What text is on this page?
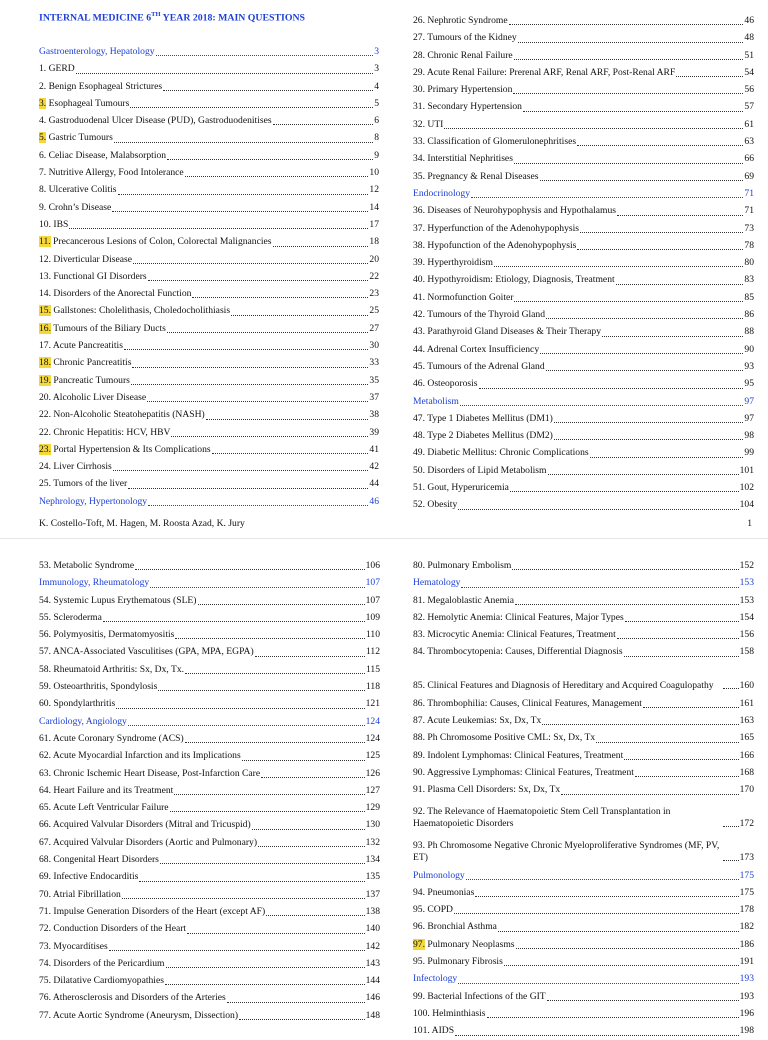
INTERNAL MEDICINE 6TH YEAR 2018: MAIN QUESTIONS
Gastroenterology, Hepatology	3
1. GERD	3
2. Benign Esophageal Strictures	4
3. Esophageal Tumours	5
4. Gastroduodenal Ulcer Disease (PUD), Gastroduodenitises	6
5. Gastric Tumours	8
6. Celiac Disease, Malabsorption	9
7. Nutritive Allergy, Food Intolerance	10
8. Ulcerative Colitis	12
9. Crohn’s Disease	14
10. IBS	17
11. Precancerous Lesions of Colon, Colorectal Malignancies	18
12. Diverticular Disease	20
13. Functional GI Disorders	22
14. Disorders of the Anorectal Function	23
15. Gallstones: Cholelithasis, Choledocholithiasis	25
16. Tumours of the Biliary Ducts	27
17. Acute Pancreatitis	30
18. Chronic Pancreatitis	33
19. Pancreatic Tumours	35
20. Alcoholic Liver Disease	37
22. Non-Alcoholic Steatohepatitis (NASH)	38
22. Chronic Hepatitis: HCV, HBV	39
23. Portal Hypertension & Its Complications	41
24. Liver Cirrhosis	42
25. Tumors of the liver	44
Nephrology, Hypertonology	46
26. Nephrotic Syndrome	46
27. Tumours of the Kidney	48
28. Chronic Renal Failure	51
29. Acute Renal Failure: Prerenal ARF, Renal ARF, Post-Renal ARF	54
30. Primary Hypertension	56
31. Secondary Hypertension	57
32. UTI	61
33. Classification of Glomerulonephritises	63
34. Interstitial Nephritises	66
35. Pregnancy & Renal Diseases	69
Endocrinology	71
36. Diseases of Neurohypophysis and Hypothalamus	71
37. Hyperfunction of the Adenohypophysis	73
38. Hypofunction of the Adenohypophysis	78
39. Hyperthyroidism	80
40. Hypothyroidism: Etiology, Diagnosis, Treatment	83
41. Normofunction Goiter	85
42. Tumours of the Thyroid Gland	86
43. Parathyroid Gland Diseases & Their Therapy	88
44. Adrenal Cortex Insufficiency	90
45. Tumours of the Adrenal Gland	93
46. Osteoporosis	95
Metabolism	97
47. Type 1 Diabetes Mellitus (DM1)	97
48. Type 2 Diabetes Mellitus (DM2)	98
49. Diabetic Mellitus: Chronic Complications	99
50. Disorders of Lipid Metabolism	101
51. Gout, Hyperuricemia	102
52. Obesity	104
K. Costello-Toft, M. Hagen, M. Roosta Azad, K. Jury	1
53. Metabolic Syndrome	106
Immunology, Rheumatology	107
54. Systemic Lupus Erythematous (SLE)	107
55. Scleroderma	109
56. Polymyositis, Dermatomyositis	110
57. ANCA-Associated Vasculitises (GPA, MPA, EGPA)	112
58. Rheumatoid Arthritis: Sx, Dx, Tx.	115
59. Osteoarthritis, Spondylosis	118
60. Spondylarthritis	121
Cardiology, Angiology	124
61. Acute Coronary Syndrome (ACS)	124
62. Acute Myocardial Infarction and its Implications	125
63. Chronic Ischemic Heart Disease, Post-Infarction Care	126
64. Heart Failure and its Treatment	127
65. Acute Left Ventricular Failure	129
66. Acquired Valvular Disorders (Mitral and Tricuspid)	130
67. Acquired Valvular Disorders (Aortic and Pulmonary)	132
68. Congenital Heart Disorders	134
69. Infective Endocarditis	135
70. Atrial Fibrillation	137
71. Impulse Generation Disorders of the Heart (except AF)	138
72. Conduction Disorders of the Heart	140
73. Myocardítises	142
74. Disorders of the Pericardium	143
75. Dilatative Cardiomyopathies	144
76. Atherosclerosis and Disorders of the Arteries	146
77. Acute Aortic Syndrome (Aneurysm, Dissection)	148
80. Pulmonary Embolism	152
Hematology	153
81. Megaloblastic Anemia	153
82. Hemolytic Anemia: Clinical Features, Major Types	154
83. Microcytic Anemia: Clinical Features, Treatment	156
84. Thrombocytopenia: Causes, Differential Diagnosis	158
85. Clinical Features and Diagnosis of Hereditary and Acquired Coagulopathy	160
86. Thrombophilia: Causes, Clinical Features, Management	161
87. Acute Leukemias: Sx, Dx, Tx	163
88. Ph Chromosome Positive CML: Sx, Dx, Tx	165
89. Indolent Lymphomas: Clinical Features, Treatment	166
90. Aggressive Lymphomas: Clinical Features, Treatment	168
91. Plasma Cell Disorders: Sx, Dx, Tx	170
92. The Relevance of Haematopoietic Stem Cell Transplantation in Haematopoietic Disorders	172
93. Ph Chromosome Negative Chronic Myeloproliferative Syndromes (MF, PV, ET)	173
Pulmonology	175
94. Pneumonias	175
95. COPD	178
96. Bronchial Asthma	182
97. Pulmonary Neoplasms	186
95. Pulmonary Fibrosis	191
Infectology	193
99. Bacterial Infections of the GIT	193
100. Helminthiasis	196
101. AIDS	198
